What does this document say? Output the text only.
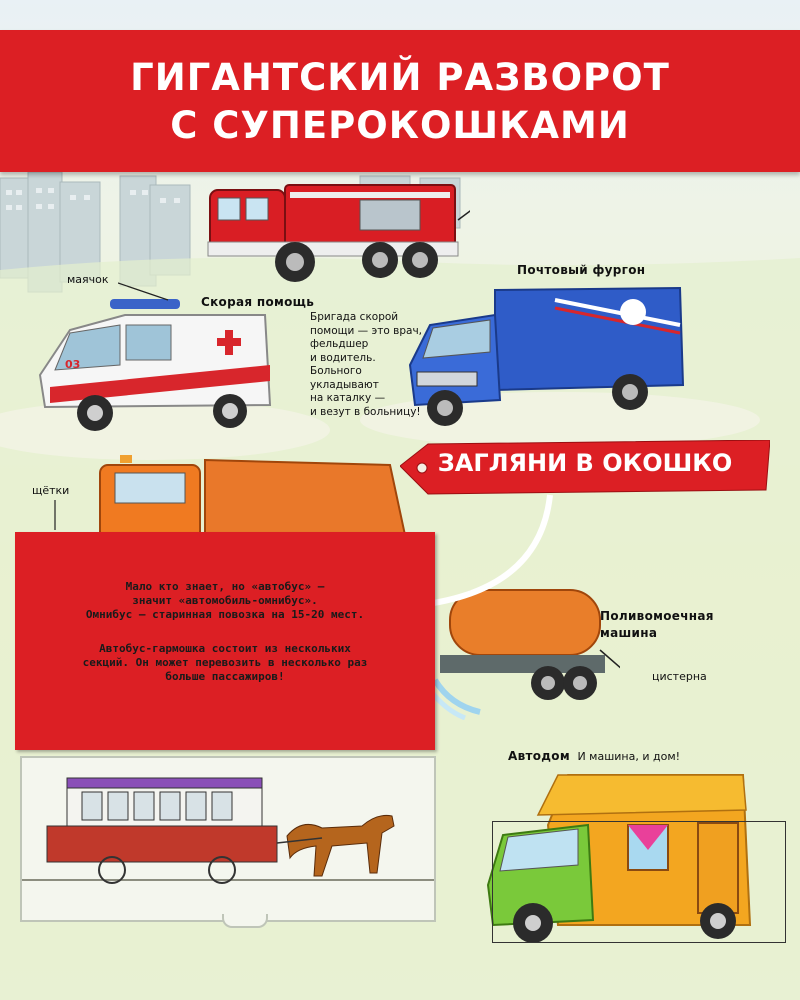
03
ГИГАНТСКИЙ РАЗВОРОТ
С СУПЕРОКОШКАМИ
маячок
Скорая помощь
Бригада скорой
помощи — это врач,
фельдшер
и водитель.
Больного
укладывают
на каталку —
и везут в больницу!
Почтовый фургон
щётки
Поливомоечная
машина
цистерна
Автодом И машина, и дом!
ЗАГЛЯНИ В ОКОШКО
Мало кто знает, но «автобус» —
значит «автомобиль-омнибус».
Омнибус — старинная повозка на 15-20 мест.
Автобус-гармошка состоит из нескольких
секций. Он может перевозить в несколько раз
больше пассажиров!
